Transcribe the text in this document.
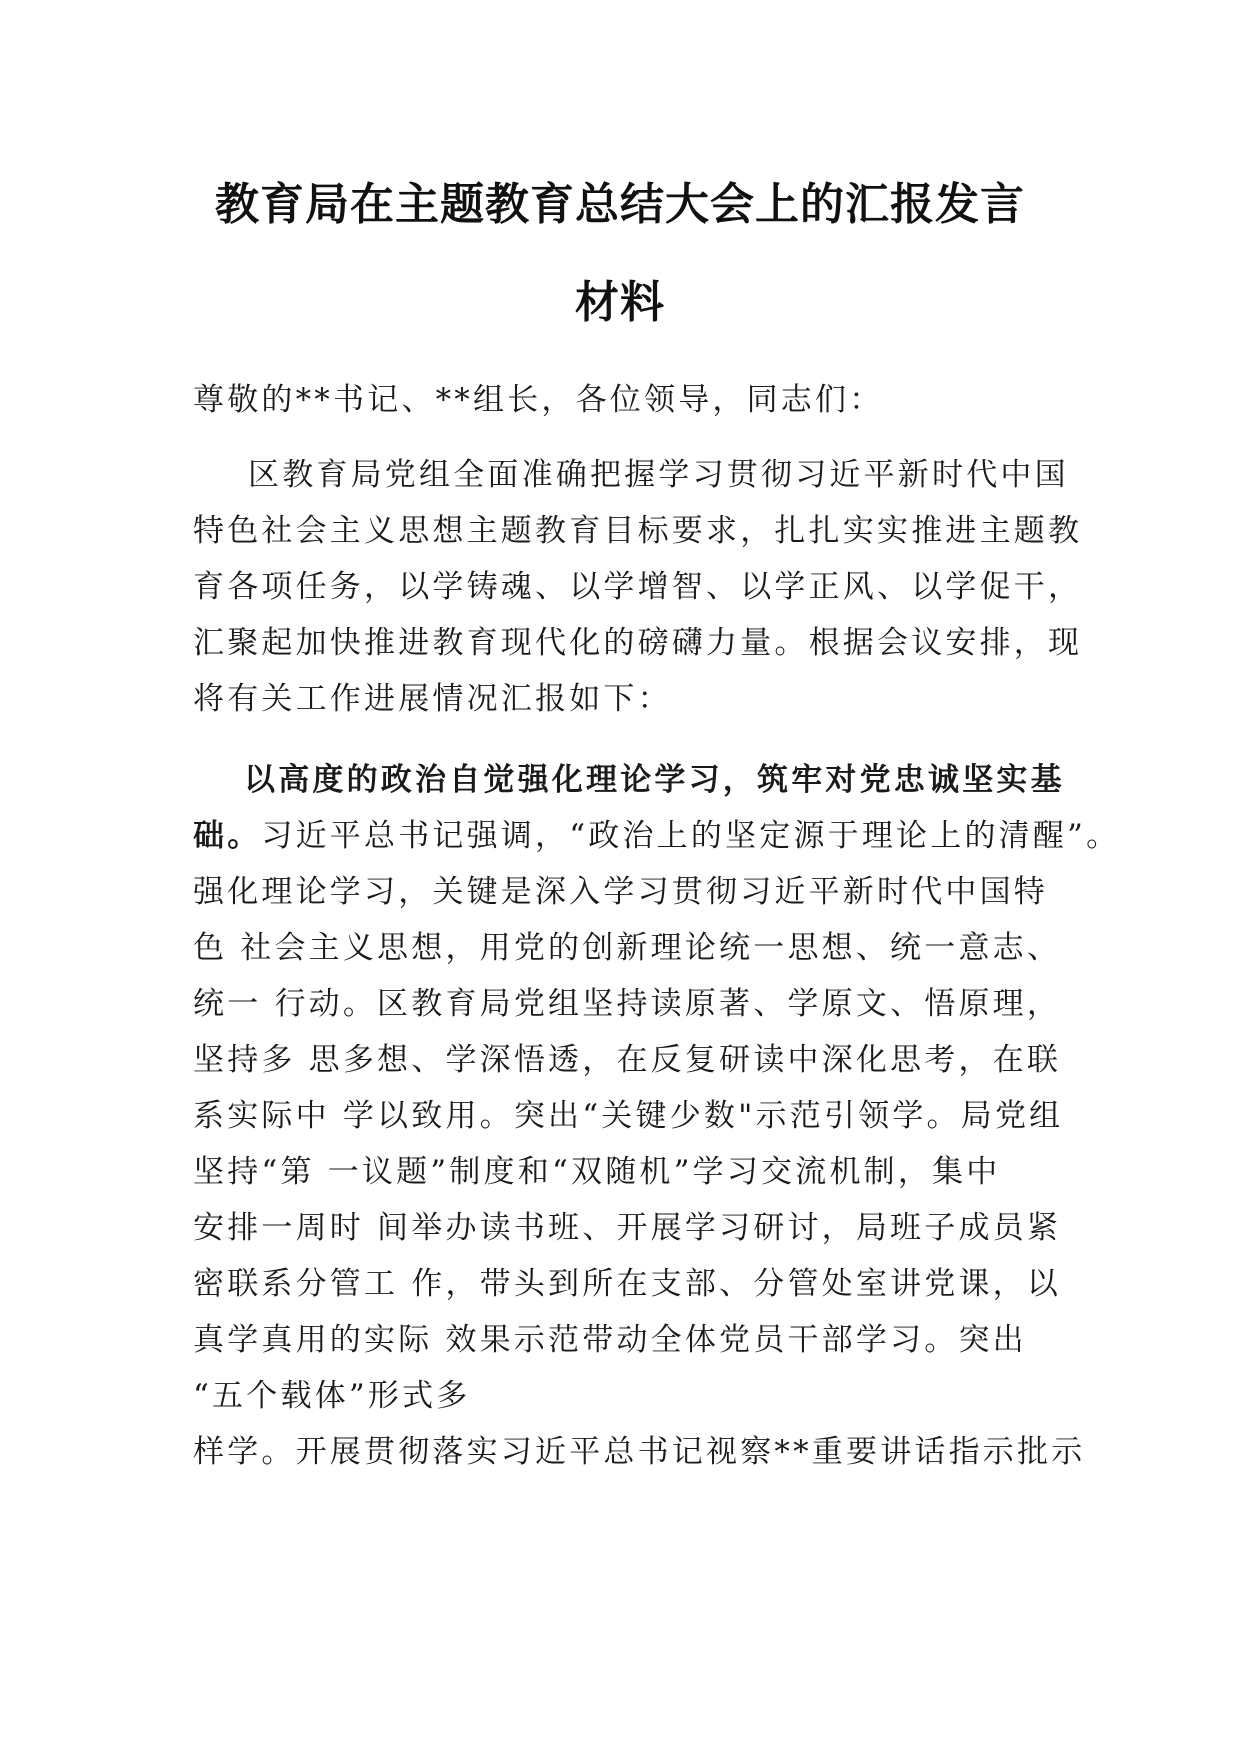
教育局在主题教育总结大会上的汇报发言
材料

尊敬的**书记、**组长，各位领导，同志们：

区教育局党组全面准确把握学习贯彻习近平新时代中国

特色社会主义思想主题教育目标要求，扎扎实实推进主题教

育各项任务，以学铸魂、以学增智、以学正风、以学促干，

汇聚起加快推进教育现代化的磅礴力量。根据会议安排，现

将有关工作进展情况汇报如下：

以高度的政治自觉强化理论学习，筑牢对党忠诚坚实基

础。习近平总书记强调，“政治上的坚定源于理论上的清醒”。

强化理论学习，关键是深入学习贯彻习近平新时代中国特

色 社会主义思想，用党的创新理论统一思想、统一意志、

统一 行动。区教育局党组坚持读原著、学原文、悟原理，

坚持多 思多想、学深悟透，在反复研读中深化思考，在联

系实际中 学以致用。突出“关键少数"示范引领学。局党组

坚持“第 一议题”制度和“双随机”学习交流机制，集中

安排一周时 间举办读书班、开展学习研讨，局班子成员紧

密联系分管工 作，带头到所在支部、分管处室讲党课，以

真学真用的实际 效果示范带动全体党员干部学习。突出

“五个载体”形式多

样学。开展贯彻落实习近平总书记视察**重要讲话指示批示
